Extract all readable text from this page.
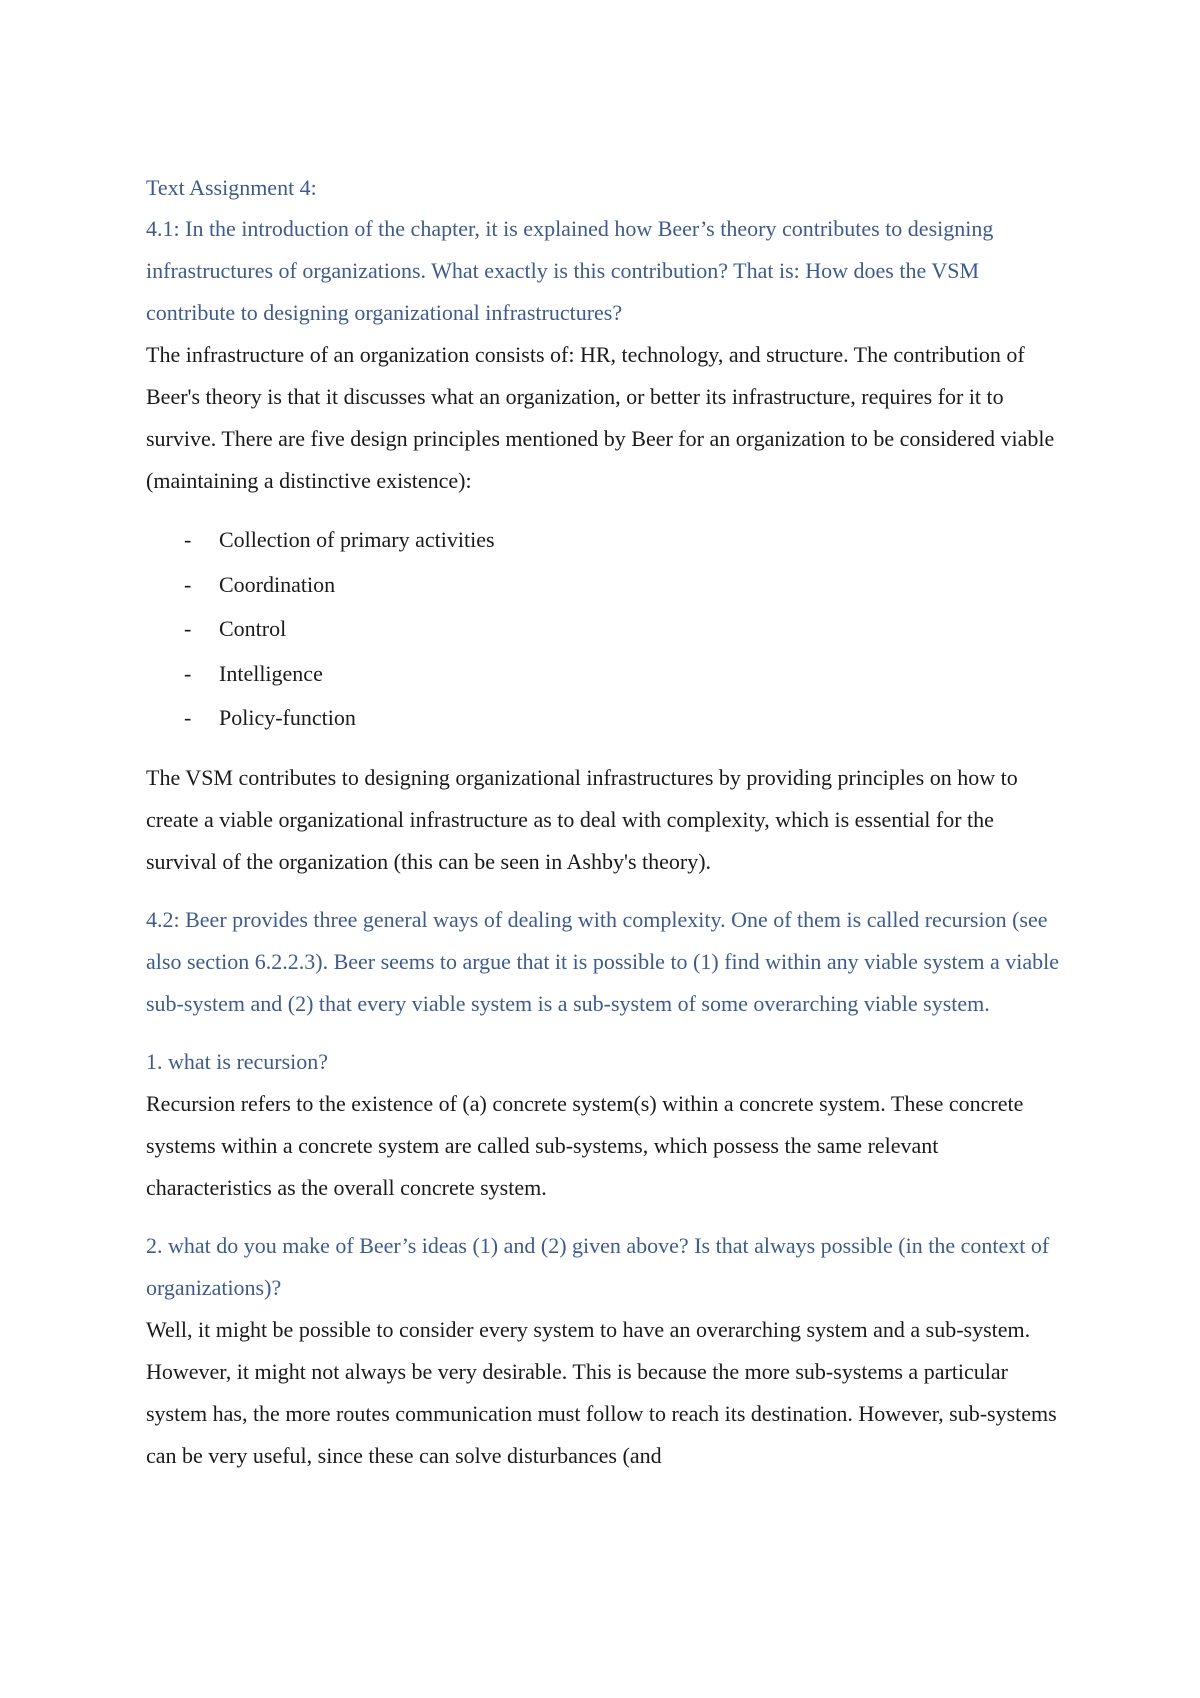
Text Assignment 4:

4.1: In the introduction of the chapter, it is explained how Beer’s theory contributes to designing infrastructures of organizations. What exactly is this contribution? That is: How does the VSM contribute to designing organizational infrastructures?

The infrastructure of an organization consists of: HR, technology, and structure. The contribution of Beer's theory is that it discusses what an organization, or better its infrastructure, requires for it to survive. There are five design principles mentioned by Beer for an organization to be considered viable (maintaining a distinctive existence):

- Collection of primary activities
- Coordination
- Control
- Intelligence
- Policy-function

The VSM contributes to designing organizational infrastructures by providing principles on how to create a viable organizational infrastructure as to deal with complexity, which is essential for the survival of the organization (this can be seen in Ashby's theory).

4.2: Beer provides three general ways of dealing with complexity. One of them is called recursion (see also section 6.2.2.3). Beer seems to argue that it is possible to (1) find within any viable system a viable sub-system and (2) that every viable system is a sub-system of some overarching viable system.

1. what is recursion?

Recursion refers to the existence of (a) concrete system(s) within a concrete system. These concrete systems within a concrete system are called sub-systems, which possess the same relevant characteristics as the overall concrete system.

2. what do you make of Beer’s ideas (1) and (2) given above? Is that always possible (in the context of organizations)?

Well, it might be possible to consider every system to have an overarching system and a sub-system. However, it might not always be very desirable. This is because the more sub-systems a particular system has, the more routes communication must follow to reach its destination. However, sub-systems can be very useful, since these can solve disturbances (and
